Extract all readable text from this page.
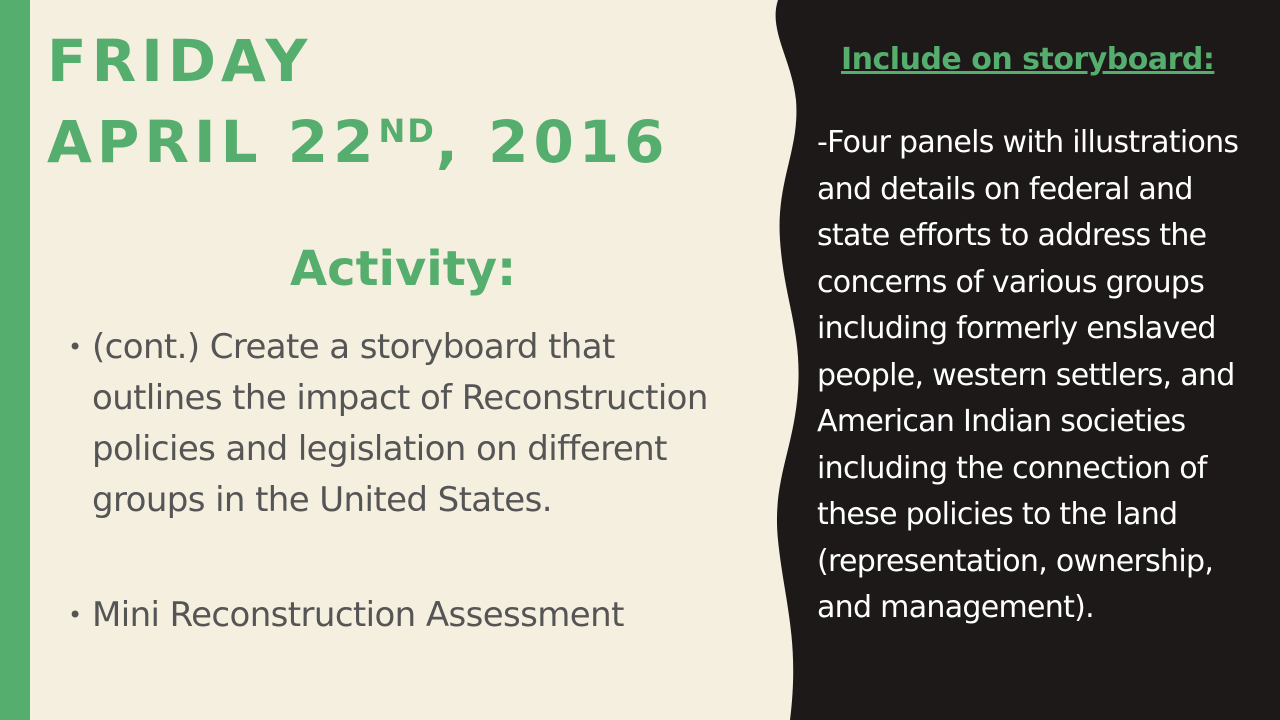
FRIDAY
APRIL 22ND, 2016
Activity:
• (cont.) Create a storyboard that outlines the impact of Reconstruction policies and legislation on different groups in the United States.
• Mini Reconstruction Assessment
Include on storyboard:

-Four panels with illustrations and details on federal and state efforts to address the concerns of various groups including formerly enslaved people, western settlers, and American Indian societies including the connection of these policies to the land (representation, ownership, and management).
